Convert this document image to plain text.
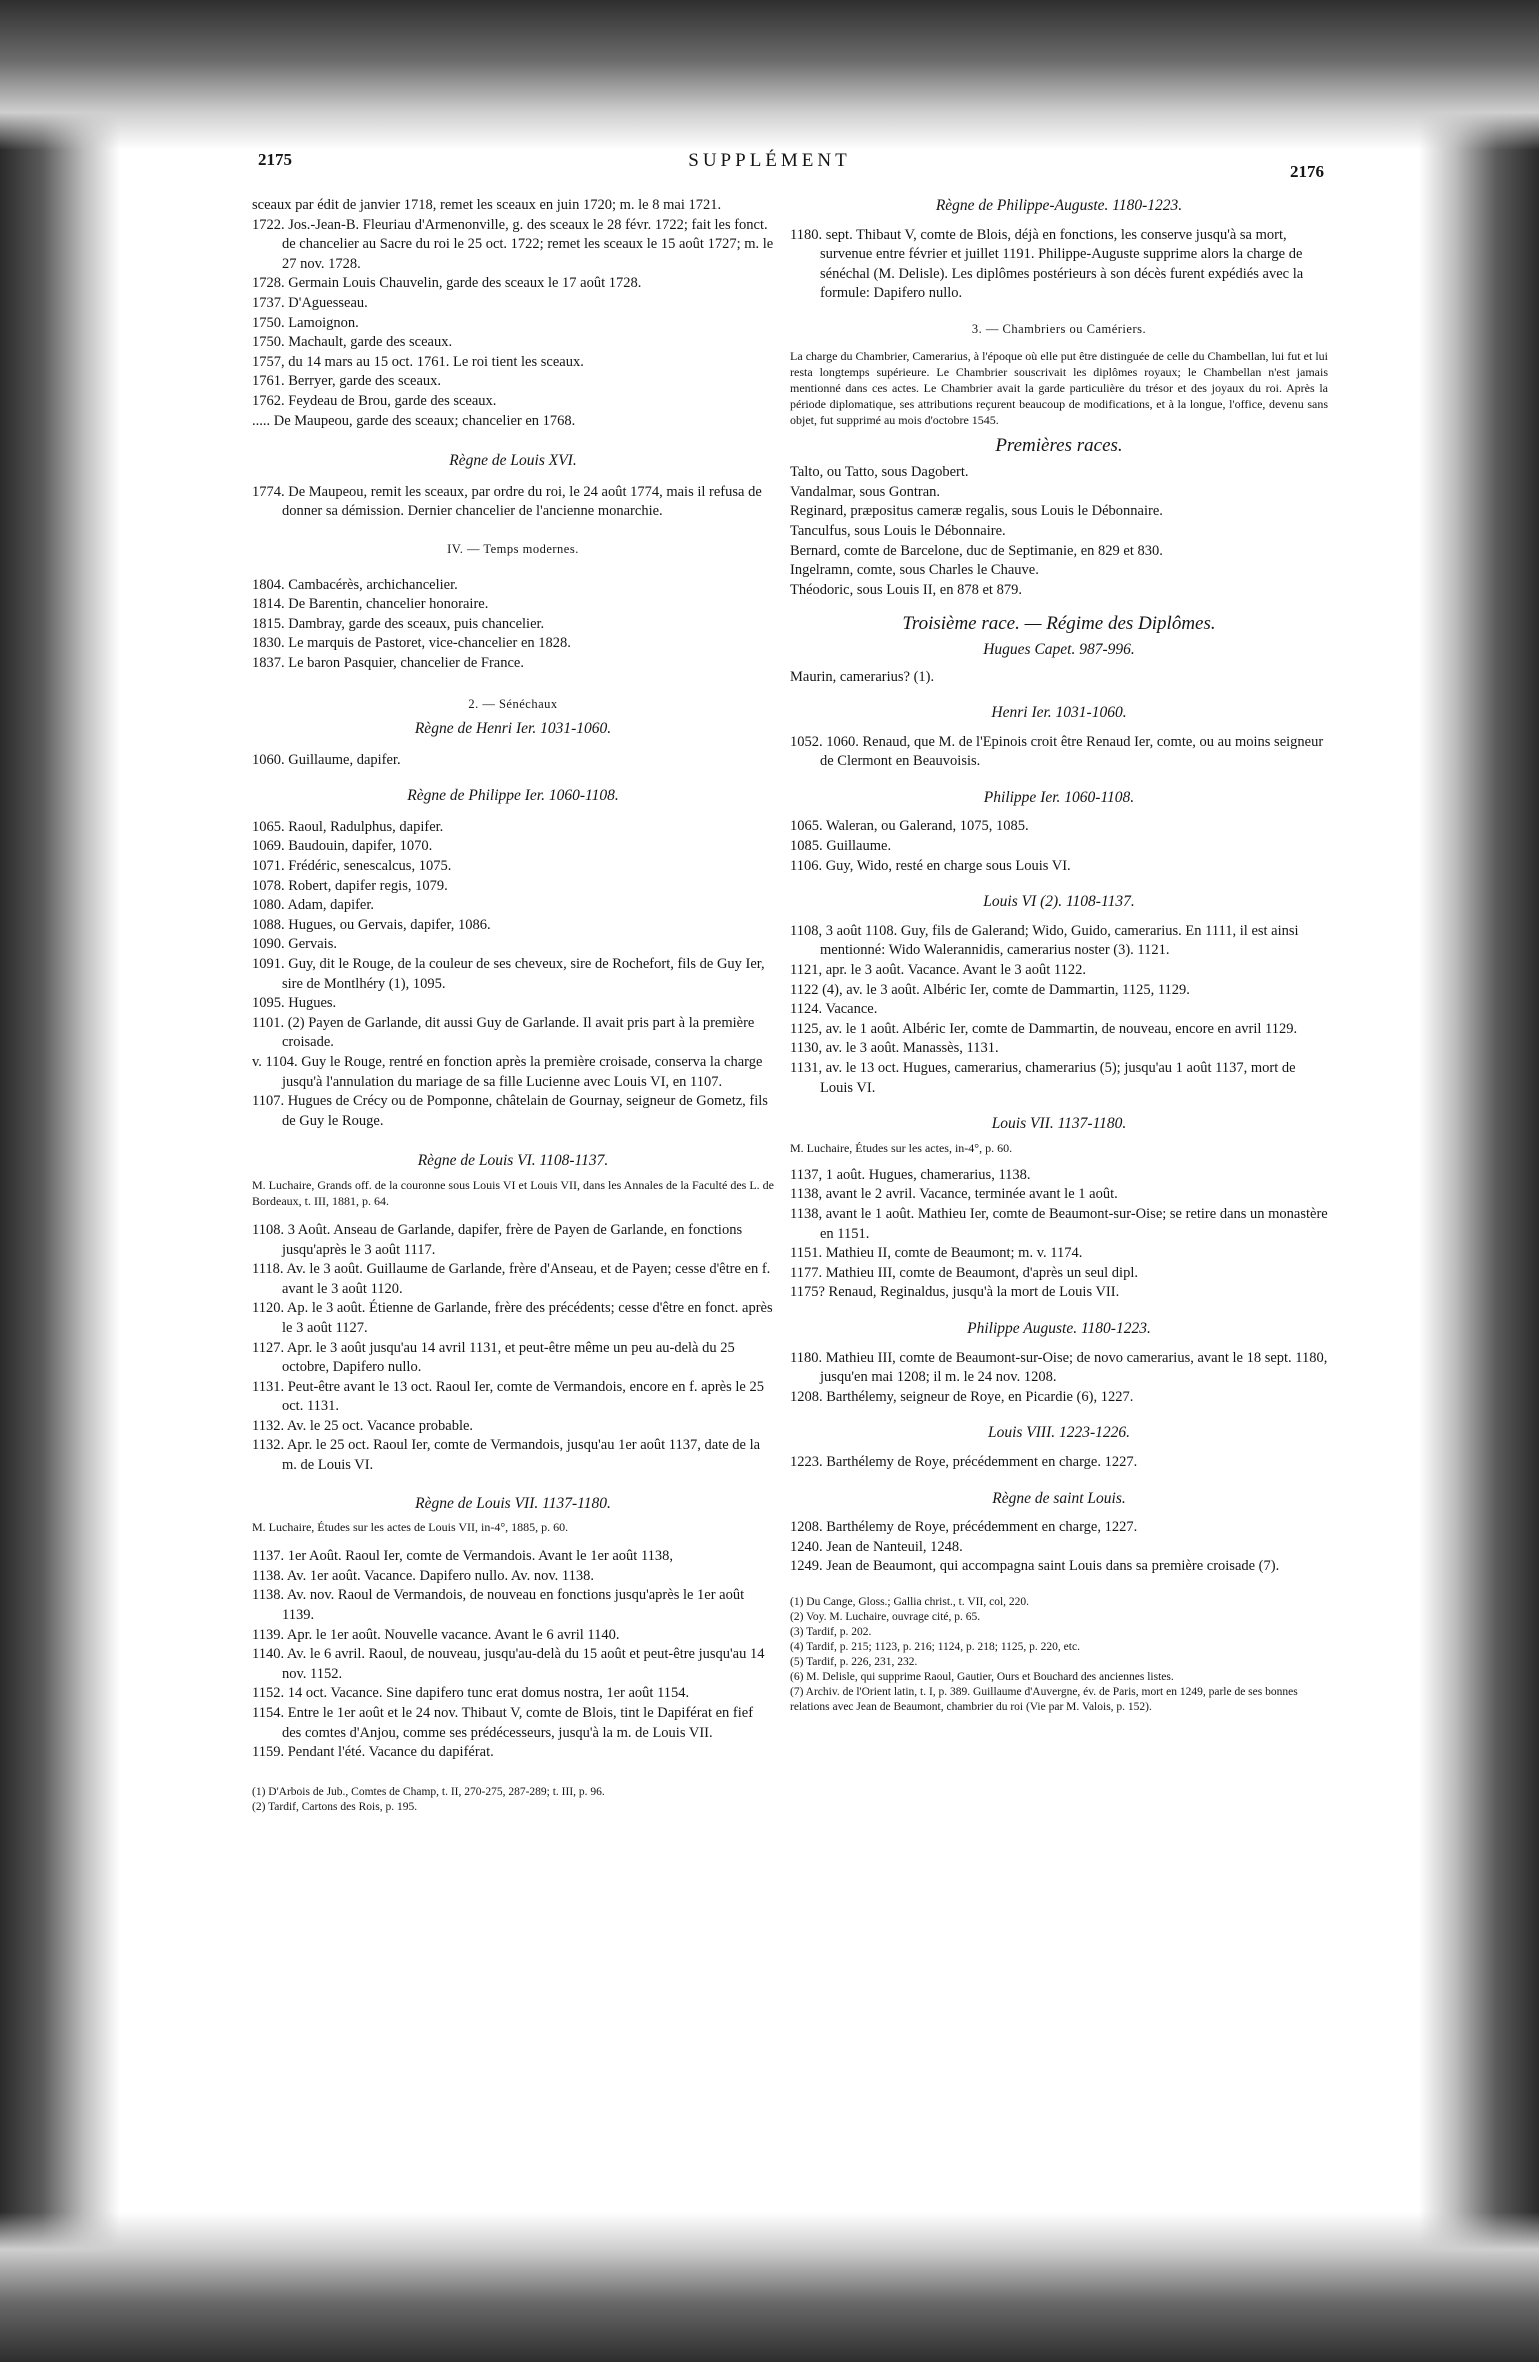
2175	SUPPLÉMENT
2176

sceaux par édit de janvier 1718, remet les sceaux en juin 1720; m. le 8 mai 1721.

1722. Jos.-Jean-B. Fleuriau d'Armenonville, g. des sceaux le 28 févr. 1722; fait les fonct. de chancelier au Sacre du roi le 25 oct. 1722; remet les sceaux le 15 août 1727; m. le 27 nov. 1728.

1728. Germain Louis Chauvelin, garde des sceaux le 17 août 1728.

1737. D'Aguesseau.

1750. Lamoignon.

1750. Machault, garde des sceaux.

1757, du 14 mars au 15 oct. 1761. Le roi tient les sceaux.

1761. Berryer, garde des sceaux.

1762. Feydeau de Brou, garde des sceaux.

..... De Maupeou, garde des sceaux; chancelier en 1768.

Règne de Louis XVI.

1774. De Maupeou, remit les sceaux, par ordre du roi, le 24 août 1774, mais il refusa de donner sa démission. Dernier chancelier de l'ancienne monarchie.

IV. — Temps modernes.

1804. Cambacérès, archichancelier.

1814. De Barentin, chancelier honoraire.

1815. Dambray, garde des sceaux, puis chancelier.

1830. Le marquis de Pastoret, vice-chancelier en 1828.

1837. Le baron Pasquier, chancelier de France.

2. — Sénéchaux
Règne de Henri Ier. 1031-1060.

1060. Guillaume, dapifer.

Règne de Philippe Ier. 1060-1108.

1065. Raoul, Radulphus, dapifer.

1069. Baudouin, dapifer, 1070.

1071. Frédéric, senescalcus, 1075.

1078. Robert, dapifer regis, 1079.

1080. Adam, dapifer.

1088. Hugues, ou Gervais, dapifer, 1086.

1090. Gervais.

1091. Guy, dit le Rouge, de la couleur de ses cheveux, sire de Rochefort, fils de Guy Ier, sire de Montlhéry (1), 1095.

1095. Hugues.

1101. (2) Payen de Garlande, dit aussi Guy de Garlande. Il avait pris part à la première croisade.

v. 1104. Guy le Rouge, rentré en fonction après la première croisade, conserva la charge jusqu'à l'annulation du mariage de sa fille Lucienne avec Louis VI, en 1107.

1107. Hugues de Crécy ou de Pomponne, châtelain de Gournay, seigneur de Gometz, fils de Guy le Rouge.

Règne de Louis VI. 1108-1137.
M. Luchaire, Grands off. de la couronne sous Louis VI et Louis VII, dans les Annales de la Faculté des L. de Bordeaux, t. III, 1881, p. 64.

1108. 3 Août. Anseau de Garlande, dapifer, frère de Payen de Garlande, en fonctions jusqu'après le 3 août 1117.

1118. Av. le 3 août. Guillaume de Garlande, frère d'Anseau, et de Payen; cesse d'être en f. avant le 3 août 1120.

1120. Ap. le 3 août. Étienne de Garlande, frère des précédents; cesse d'être en fonct. après le 3 août 1127.

1127. Apr. le 3 août jusqu'au 14 avril 1131, et peut-être même un peu au-delà du 25 octobre, Dapifero nullo.

1131. Peut-être avant le 13 oct. Raoul Ier, comte de Vermandois, encore en f. après le 25 oct. 1131.

1132. Av. le 25 oct. Vacance probable.

1132. Apr. le 25 oct. Raoul Ier, comte de Vermandois, jusqu'au 1er août 1137, date de la m. de Louis VI.

Règne de Louis VII. 1137-1180.
M. Luchaire, Études sur les actes de Louis VII, in-4°, 1885, p. 60.

1137. 1er Août. Raoul Ier, comte de Vermandois. Avant le 1er août 1138,

1138. Av. 1er août. Vacance. Dapifero nullo. Av. nov. 1138.

1138. Av. nov. Raoul de Vermandois, de nouveau en fonctions jusqu'après le 1er août 1139.

1139. Apr. le 1er août. Nouvelle vacance. Avant le 6 avril 1140.

1140. Av. le 6 avril. Raoul, de nouveau, jusqu'au-delà du 15 août et peut-être jusqu'au 14 nov. 1152.

1152. 14 oct. Vacance. Sine dapifero tunc erat domus nostra, 1er août 1154.

1154. Entre le 1er août et le 24 nov. Thibaut V, comte de Blois, tint le Dapiférat en fief des comtes d'Anjou, comme ses prédécesseurs, jusqu'à la m. de Louis VII.

1159. Pendant l'été. Vacance du dapiférat.

(1) D'Arbois de Jub., Comtes de Champ, t. II, 270-275, 287-289; t. III, p. 96.

(2) Tardif, Cartons des Rois, p. 195.

Règne de Philippe-Auguste. 1180-1223.

1180. sept. Thibaut V, comte de Blois, déjà en fonctions, les conserve jusqu'à sa mort, survenue entre février et juillet 1191. Philippe-Auguste supprime alors la charge de sénéchal (M. Delisle). Les diplômes postérieurs à son décès furent expédiés avec la formule: Dapifero nullo.

3. — Chambriers ou Camériers.
La charge du Chambrier, Camerarius, à l'époque où elle put être distinguée de celle du Chambellan, lui fut et lui resta longtemps supérieure. Le Chambrier souscrivait les diplômes royaux; le Chambellan n'est jamais mentionné dans ces actes. Le Chambrier avait la garde particulière du trésor et des joyaux du roi. Après la période diplomatique, ses attributions reçurent beaucoup de modifications, et à la longue, l'office, devenu sans objet, fut supprimé au mois d'octobre 1545.
Premières races.

Talto, ou Tatto, sous Dagobert.

Vandalmar, sous Gontran.

Reginard, præpositus cameræ regalis, sous Louis le Débonnaire.

Tanculfus, sous Louis le Débonnaire.

Bernard, comte de Barcelone, duc de Septimanie, en 829 et 830.

Ingelramn, comte, sous Charles le Chauve.

Théodoric, sous Louis II, en 878 et 879.

Troisième race. — Régime des Diplômes.
Hugues Capet. 987-996.

Maurin, camerarius? (1).

Henri Ier. 1031-1060.

1052. 1060. Renaud, que M. de l'Epinois croit être Renaud Ier, comte, ou au moins seigneur de Clermont en Beauvoisis.

Philippe Ier. 1060-1108.

1065. Waleran, ou Galerand, 1075, 1085.

1085. Guillaume.

1106. Guy, Wido, resté en charge sous Louis VI.

Louis VI (2). 1108-1137.

1108, 3 août 1108. Guy, fils de Galerand; Wido, Guido, camerarius. En 1111, il est ainsi mentionné: Wido Walerannidis, camerarius noster (3). 1121.

1121, apr. le 3 août. Vacance. Avant le 3 août 1122.

1122 (4), av. le 3 août. Albéric Ier, comte de Dammartin, 1125, 1129.

1124. Vacance.

1125, av. le 1 août. Albéric Ier, comte de Dammartin, de nouveau, encore en avril 1129.

1130, av. le 3 août. Manassès, 1131.

1131, av. le 13 oct. Hugues, camerarius, chamerarius (5); jusqu'au 1 août 1137, mort de Louis VI.

Louis VII. 1137-1180.
M. Luchaire, Études sur les actes, in-4°, p. 60.

1137, 1 août. Hugues, chamerarius, 1138.

1138, avant le 2 avril. Vacance, terminée avant le 1 août.

1138, avant le 1 août. Mathieu Ier, comte de Beaumont-sur-Oise; se retire dans un monastère en 1151.

1151. Mathieu II, comte de Beaumont; m. v. 1174.

1177. Mathieu III, comte de Beaumont, d'après un seul dipl.

1175? Renaud, Reginaldus, jusqu'à la mort de Louis VII.

Philippe Auguste. 1180-1223.

1180. Mathieu III, comte de Beaumont-sur-Oise; de novo camerarius, avant le 18 sept. 1180, jusqu'en mai 1208; il m. le 24 nov. 1208.

1208. Barthélemy, seigneur de Roye, en Picardie (6), 1227.

Louis VIII. 1223-1226.

1223. Barthélemy de Roye, précédemment en charge. 1227.

Règne de saint Louis.

1208. Barthélemy de Roye, précédemment en charge, 1227.

1240. Jean de Nanteuil, 1248.

1249. Jean de Beaumont, qui accompagna saint Louis dans sa première croisade (7).

(1) Du Cange, Gloss.; Gallia christ., t. VII, col, 220.

(2) Voy. M. Luchaire, ouvrage cité, p. 65.

(3) Tardif, p. 202.

(4) Tardif, p. 215; 1123, p. 216; 1124, p. 218; 1125, p. 220, etc.

(5) Tardif, p. 226, 231, 232.

(6) M. Delisle, qui supprime Raoul, Gautier, Ours et Bouchard des anciennes listes.

(7) Archiv. de l'Orient latin, t. I, p. 389. Guillaume d'Auvergne, év. de Paris, mort en 1249, parle de ses bonnes relations avec Jean de Beaumont, chambrier du roi (Vie par M. Valois, p. 152).
